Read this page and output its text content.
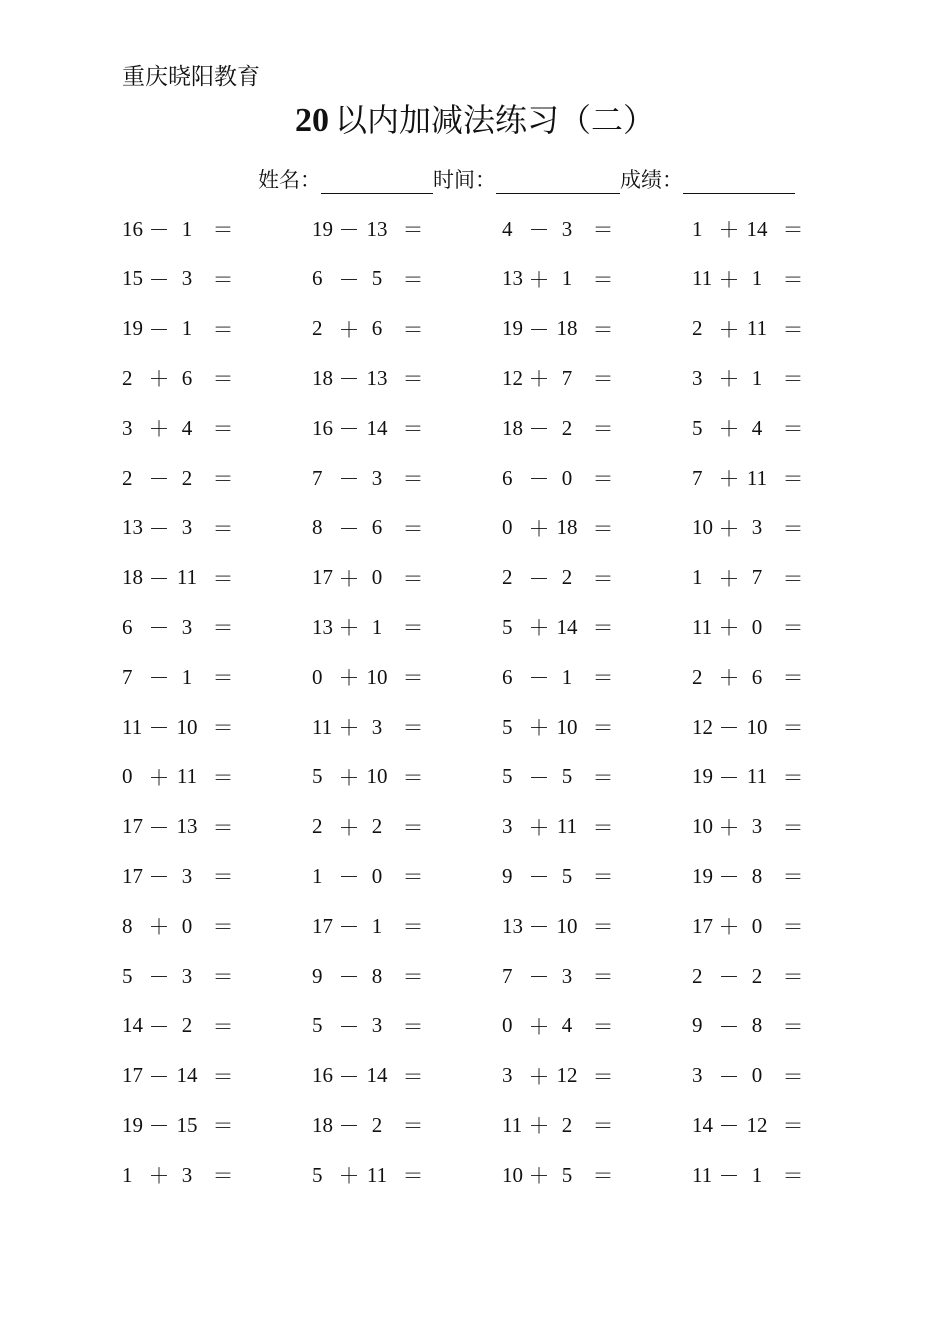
重庆晓阳教育
20 以内加减法练习（二）
姓名：	时间：	成绩：
16 － 1 ＝	19 － 13 ＝	4 － 3 ＝	1 ＋ 14 ＝
15 － 3 ＝	6 － 5 ＝	13 ＋ 1 ＝	11 ＋ 1 ＝
19 － 1 ＝	2 ＋ 6 ＝	19 － 18 ＝	2 ＋ 11 ＝
2 ＋ 6 ＝	18 － 13 ＝	12 ＋ 7 ＝	3 ＋ 1 ＝
3 ＋ 4 ＝	16 － 14 ＝	18 － 2 ＝	5 ＋ 4 ＝
2 － 2 ＝	7 － 3 ＝	6 － 0 ＝	7 ＋ 11 ＝
13 － 3 ＝	8 － 6 ＝	0 ＋ 18 ＝	10 ＋ 3 ＝
18 － 11 ＝	17 ＋ 0 ＝	2 － 2 ＝	1 ＋ 7 ＝
6 － 3 ＝	13 ＋ 1 ＝	5 ＋ 14 ＝	11 ＋ 0 ＝
7 － 1 ＝	0 ＋ 10 ＝	6 － 1 ＝	2 ＋ 6 ＝
11 － 10 ＝	11 ＋ 3 ＝	5 ＋ 10 ＝	12 － 10 ＝
0 ＋ 11 ＝	5 ＋ 10 ＝	5 － 5 ＝	19 － 11 ＝
17 － 13 ＝	2 ＋ 2 ＝	3 ＋ 11 ＝	10 ＋ 3 ＝
17 － 3 ＝	1 － 0 ＝	9 － 5 ＝	19 － 8 ＝
8 ＋ 0 ＝	17 － 1 ＝	13 － 10 ＝	17 ＋ 0 ＝
5 － 3 ＝	9 － 8 ＝	7 － 3 ＝	2 － 2 ＝
14 － 2 ＝	5 － 3 ＝	0 ＋ 4 ＝	9 － 8 ＝
17 － 14 ＝	16 － 14 ＝	3 ＋ 12 ＝	3 － 0 ＝
19 － 15 ＝	18 － 2 ＝	11 ＋ 2 ＝	14 － 12 ＝
1 ＋ 3 ＝	5 ＋ 11 ＝	10 ＋ 5 ＝	11 － 1 ＝
